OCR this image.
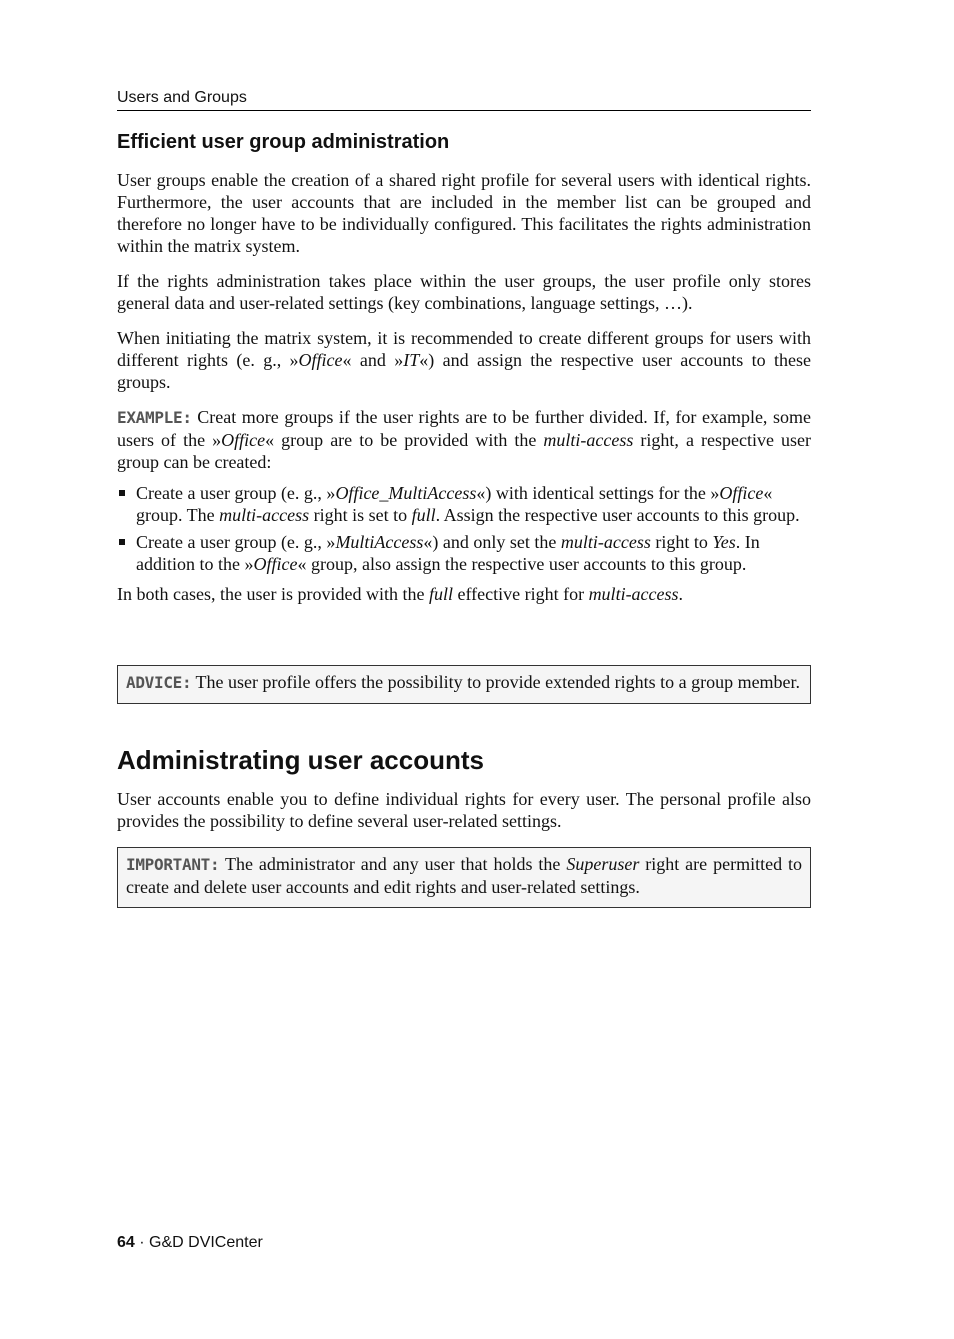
Users and Groups
Efficient user group administration

User groups enable the creation of a shared right profile for several users with identical rights. Furthermore, the user accounts that are included in the member list can be grouped and therefore no longer have to be individually configured. This facilitates the rights administration within the matrix system.

If the rights administration takes place within the user groups, the user profile only stores general data and user-related settings (key combinations, language settings, …).

When initiating the matrix system, it is recommended to create different groups for users with different rights (e. g., »Office« and »IT«) and assign the respective user accounts to these groups.

EXAMPLE: Creat more groups if the user rights are to be further divided. If, for example, some users of the »Office« group are to be provided with the multi-access right, a respective user group can be created:

Create a user group (e. g., »Office_MultiAccess«) with identical settings for the »Office« group. The multi-access right is set to full. Assign the respective user accounts to this group.
Create a user group (e. g., »MultiAccess«) and only set the multi-access right to Yes. In addition to the »Office« group, also assign the respective user accounts to this group.

In both cases, the user is provided with the full effective right for multi-access.

ADVICE: The user profile offers the possibility to provide extended rights to a group member.

Administrating user accounts

User accounts enable you to define individual rights for every user. The personal profile also provides the possibility to define several user-related settings.

IMPORTANT: The administrator and any user that holds the Superuser right are permitted to create and delete user accounts and edit rights and user-related settings.

64 · G&D DVICenter
